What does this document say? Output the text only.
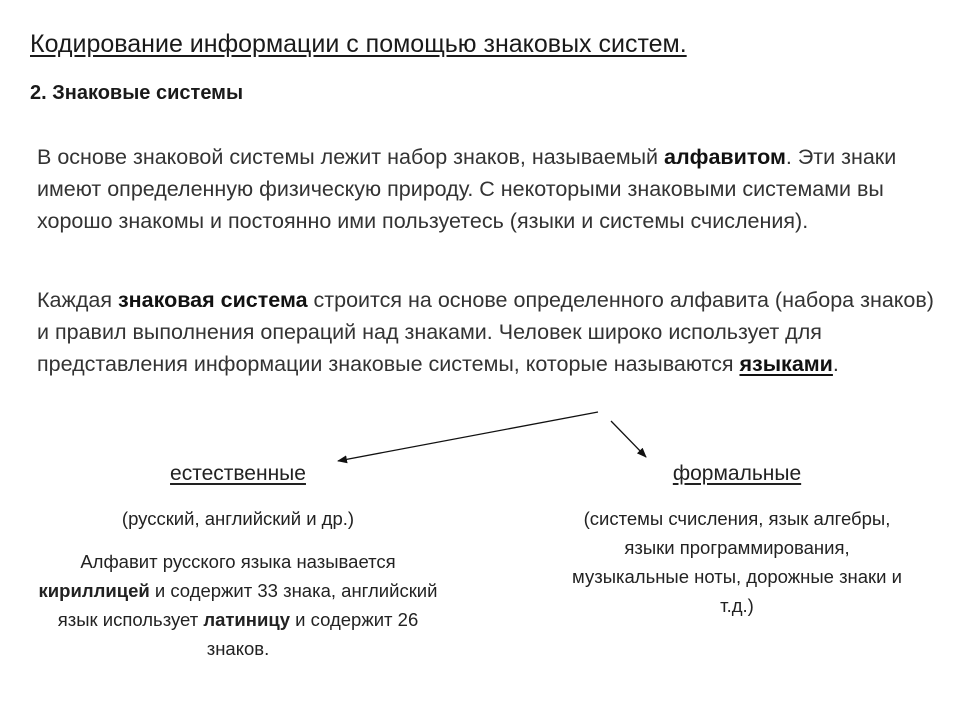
Кодирование информации с помощью знаковых систем.
2. Знаковые системы
В основе знаковой системы лежит набор знаков, называемый алфавитом. Эти знаки имеют определенную физическую природу. С некоторыми знаковыми системами вы хорошо знакомы и постоянно ими пользуетесь (языки и системы счисления).
Каждая знаковая система строится на основе определенного алфавита (набора знаков) и правил выполнения операций над знаками. Человек широко использует для представления информации знаковые системы, которые называются языками.
естественные
(русский, английский и др.)
Алфавит русского языка называется кириллицей и содержит 33 знака, английский язык использует латиницу и содержит 26 знаков.
формальные
(системы счисления, язык алгебры, языки программирования, музыкальные ноты, дорожные знаки и т.д.)
